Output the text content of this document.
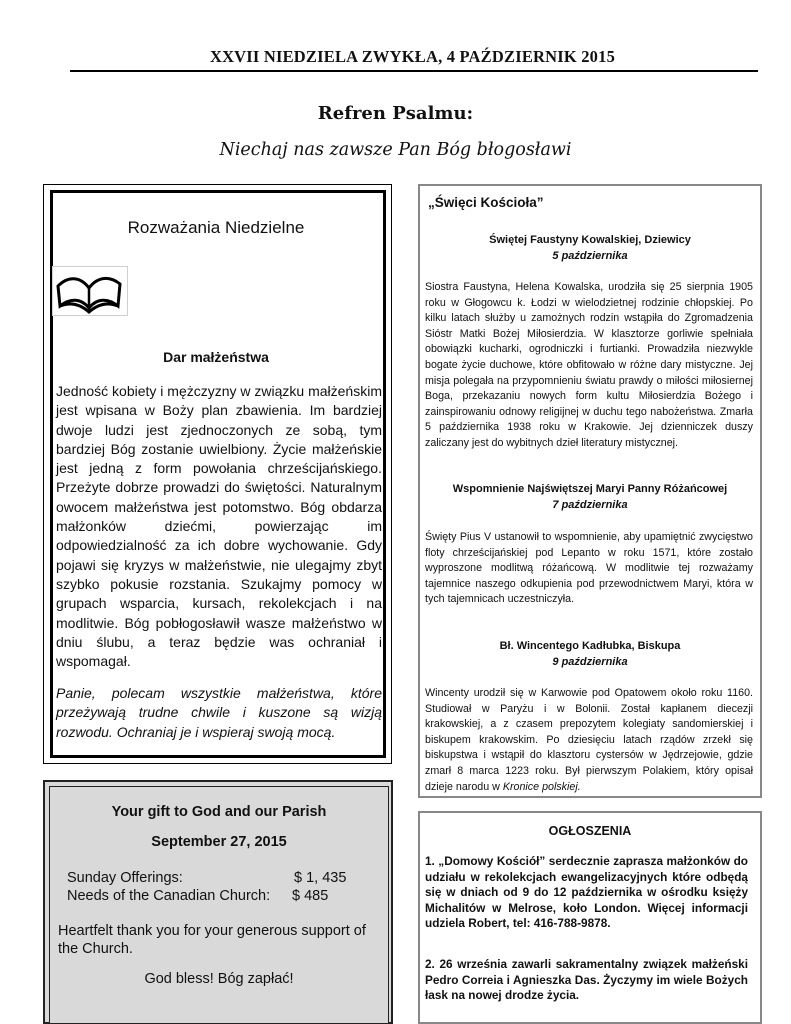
XXVII NIEDZIELA ZWYKŁA, 4 PAŹDZIERNIK 2015
Refren Psalmu:
Niechaj nas zawsze Pan Bóg błogosławi
Rozważania Niedzielne
Dar małżeństwa
Jedność kobiety i mężczyzny w związku małżeńskim jest wpisana w Boży plan zbawienia. Im bardziej dwoje ludzi jest zjednoczonych ze sobą, tym bardziej Bóg zostanie uwielbiony. Życie małżeńskie jest jedną z form powołania chrześcijańskiego. Przeżyte dobrze prowadzi do świętości. Naturalnym owocem małżeństwa jest potomstwo. Bóg obdarza małżonków dziećmi, powierzając im odpowiedzialność za ich dobre wychowanie. Gdy pojawi się kryzys w małżeństwie, nie ulegajmy zbyt szybko pokusie rozstania. Szukajmy pomocy w grupach wsparcia, kursach, rekolekcjach i na modlitwie. Bóg pobłogosławił wasze małżeństwo w dniu ślubu, a teraz będzie was ochraniał i wspomagał.
Panie, polecam wszystkie małżeństwa, które przeżywają trudne chwile i kuszone są wizją rozwodu. Ochraniaj je i wspieraj swoją mocą.
Your gift to God and our Parish
September 27, 2015
Sunday Offerings:	$ 1, 435
Needs of the Canadian Church: $ 485
Heartfelt thank you for your generous support of the Church.
God bless! Bóg zapłać!
„Święci Kościoła”
Świętej Faustyny Kowalskiej, Dziewicy
5 października
Siostra Faustyna, Helena Kowalska, urodziła się 25 sierpnia 1905 roku w Głogowcu k. Łodzi w wielodzietnej rodzinie chłopskiej. Po kilku latach służby u zamożnych rodzin wstąpiła do Zgromadzenia Sióstr Matki Bożej Miłosierdzia. W klasztorze gorliwie spełniała obowiązki kucharki, ogrodniczki i furtianki. Prowadziła niezwykle bogate życie duchowe, które obfitowało w różne dary mistyczne. Jej misja polegała na przypomnieniu światu prawdy o miłości miłosiernej Boga, przekazaniu nowych form kultu Miłosierdzia Bożego i zainspirowaniu odnowy religijnej w duchu tego nabożeństwa. Zmarła 5 października 1938 roku w Krakowie. Jej dzienniczek duszy zaliczany jest do wybitnych dzieł literatury mistycznej.
Wspomnienie Najświętszej Maryi Panny Różańcowej
7 października
Święty Pius V ustanowił to wspomnienie, aby upamiętnić zwycięstwo floty chrześcijańskiej pod Lepanto w roku 1571, które zostało wyproszone modlitwą różańcową. W modlitwie tej rozważamy tajemnice naszego odkupienia pod przewodnictwem Maryi, która w tych tajemnicach uczestniczyła.
Bł. Wincentego Kadłubka, Biskupa
9 października
Wincenty urodził się w Karwowie pod Opatowem około roku 1160. Studiował w Paryżu i w Bolonii. Został kapłanem diecezji krakowskiej, a z czasem prepozytem kolegiaty sandomierskiej i biskupem krakowskim. Po dziesięciu latach rządów zrzekł się biskupstwa i wstąpił do klasztoru cystersów w Jędrzejowie, gdzie zmarł 8 marca 1223 roku. Był pierwszym Polakiem, który opisał dzieje narodu w Kronice polskiej.
OGŁOSZENIA
1. „Domowy Kościół” serdecznie zaprasza małżonków do udziału w rekolekcjach ewangelizacyjnych które odbędą się w dniach od 9 do 12 października w ośrodku księży Michalitów w Melrose, koło London. Więcej informacji udziela Robert, tel: 416-788-9878.
2. 26 września zawarli sakramentalny związek małżeński Pedro Correia i Agnieszka Das. Życzymy im wiele Bożych łask na nowej drodze życia.
